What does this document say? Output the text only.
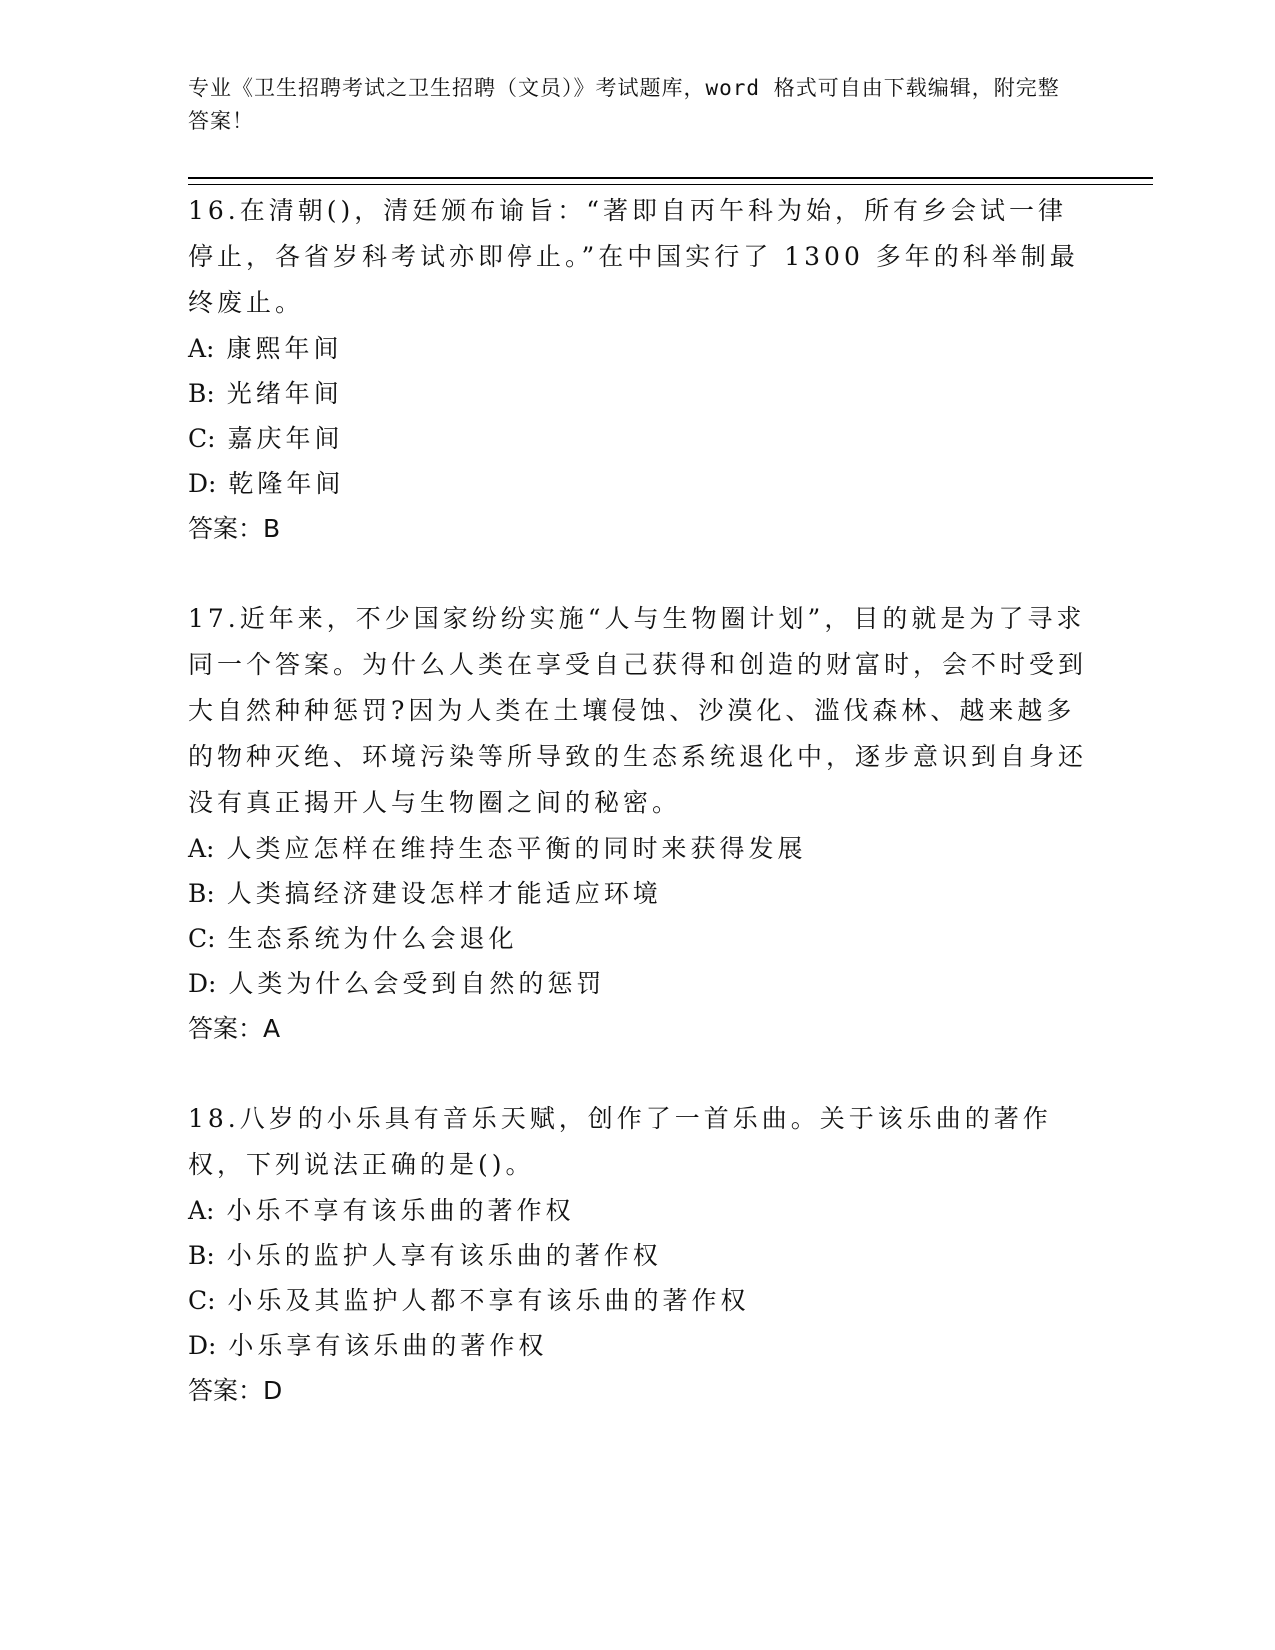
专业《卫生招聘考试之卫生招聘（文员）》考试题库，word 格式可自由下载编辑，附完整答案！

16.在清朝()，清廷颁布谕旨：“著即自丙午科为始，所有乡会试一律停止，各省岁科考试亦即停止。”在中国实行了 1300 多年的科举制最终废止。

A: 康熙年间

B: 光绪年间

C: 嘉庆年间

D: 乾隆年间

答案：B

17.近年来，不少国家纷纷实施“人与生物圈计划”，目的就是为了寻求同一个答案。为什么人类在享受自己获得和创造的财富时，会不时受到大自然种种惩罚?因为人类在土壤侵蚀、沙漠化、滥伐森林、越来越多的物种灭绝、环境污染等所导致的生态系统退化中，逐步意识到自身还没有真正揭开人与生物圈之间的秘密。

A: 人类应怎样在维持生态平衡的同时来获得发展

B: 人类搞经济建设怎样才能适应环境

C: 生态系统为什么会退化

D: 人类为什么会受到自然的惩罚

答案：A

18.八岁的小乐具有音乐天赋，创作了一首乐曲。关于该乐曲的著作权，下列说法正确的是()。

A: 小乐不享有该乐曲的著作权

B: 小乐的监护人享有该乐曲的著作权

C: 小乐及其监护人都不享有该乐曲的著作权

D: 小乐享有该乐曲的著作权

答案：D
